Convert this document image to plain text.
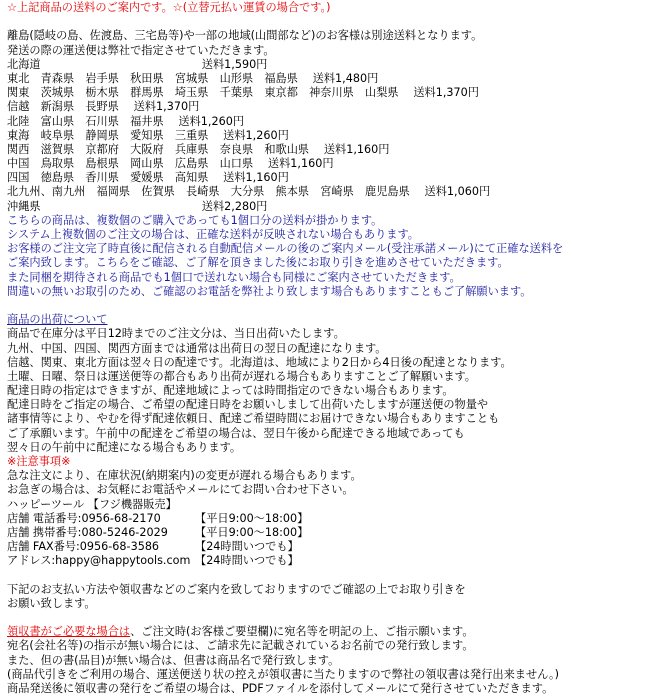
☆上記商品の送料のご案内です。☆(立替元払い運賃の場合です。)
離島(隠岐の島、佐渡島、三宅島等)や一部の地域(山間部など)のお客様は別途送料となります。
発送の際の運送便は弊社で指定させていただきます。
北海道　	送料1,590円
東北　 青森県　岩手県　秋田県　宮城県　山形県　福島県　 送料1,480円
関東　 茨城県　栃木県　群馬県　埼玉県　千葉県　東京都　神奈川県　山梨県　 送料1,370円
信越　 新潟県　長野県　 送料1,370円
北陸　 富山県　石川県　福井県　 送料1,260円
東海　 岐阜県　静岡県　愛知県　三重県　 送料1,260円
関西　 滋賀県　京都府　大阪府　兵庫県　奈良県　和歌山県　 送料1,160円
中国　 鳥取県　島根県　岡山県　広島県　山口県　 送料1,160円
四国　 徳島県　香川県　愛媛県　高知県　 送料1,160円
北九州、南九州　 福岡県　佐賀県　長崎県　大分県　熊本県　宮崎県　鹿児島県　 送料1,060円
沖縄県　	送料2,280円
こちらの商品は、複数個のご購入であっても1個口分の送料が掛かります。
システム上複数個のご注文の場合は、正確な送料が反映されない場合もあります。
お客様のご注文完了時直後に配信される自動配信メールの後のご案内メール(受注承諾メール)にて正確な送料を
ご案内致します。こちらをご確認、ご了解を頂きました後にお取り引きを進めさせていただきます。
また同梱を期待される商品でも1個口で送れない場合も同様にご案内させていただきます。
間違いの無いお取引のため、ご確認のお電話を弊社より致します場合もありますこともご了解願います。
商品の出荷について
商品で在庫分は平日12時までのご注文分は、当日出荷いたします。
九州、中国、四国、関西方面までは通常は出荷日の翌日の配達になります。
信越、関東、東北方面は翌々日の配達です。北海道は、地域により2日から4日後の配達となります。
土曜、日曜、祭日は運送便等の都合もあり出荷が遅れる場合もありますことご了解願います。
配達日時の指定はできますが、配達地域によっては時間指定のできない場合もあります。
配達日時をご指定の場合、ご希望の配達日時をお願いしまして出荷いたしますが運送便の物量や
諸事情等により、やむを得ず配達依頼日、配達ご希望時間にお届けできない場合もありますことも
ご了承願います。午前中の配達をご希望の場合は、翌日午後から配達できる地域であっても
翌々日の午前中に配達になる場合もあります。
※注意事項※
急な注文により、在庫状況(納期案内)の変更が遅れる場合もあります。
お急ぎの場合は、お気軽にお電話やメールにてお問い合わせ下さい。
ハッピーツール 【フジ機器販売】
店舗 電話番号:0956-68-2170	【平日9:00～18:00】
店舗 携帯番号:080-5246-2029 【平日9:00～18:00】
店舗 FAX番号:0956-68-3586	【24時間いつでも】
アドレス:happy@happytools.com 【24時間いつでも】
下記のお支払い方法や領収書などのご案内を致しておりますのでご確認の上でお取り引きを
お願い致します。
領収書がご必要な場合は、ご注文時(お客様ご要望欄)に宛名等を明記の上、ご指示願います。
宛名(会社名等)の指示が無い場合には、ご請求先に記載されているお名前での発行致します。
また、但の書(品目)が無い場合は、但書は商品名で発行致します。
(商品代引きをご利用の場合、運送便送り状の控えが領収書に当たりますので弊社の領収書は発行出来ません。)
商品発送後に領収書の発行をご希望の場合は、PDFファイルを添付してメールにて発行させていただきます。
